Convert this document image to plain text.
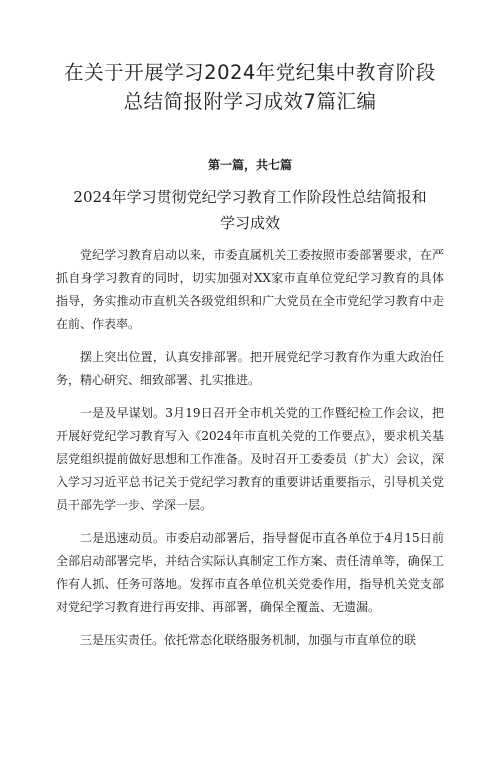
在关于开展学习2024年党纪集中教育阶段
总结简报附学习成效7篇汇编
第一篇，共七篇
2024年学习贯彻党纪学习教育工作阶段性总结简报和
学习成效

党纪学习教育启动以来，市委直属机关工委按照市委部署要求，在严抓自身学习教育的同时，切实加强对XX家市直单位党纪学习教育的具体指导，务实推动市直机关各级党组织和广大党员在全市党纪学习教育中走在前、作表率。

摆上突出位置，认真安排部署。把开展党纪学习教育作为重大政治任务，精心研究、细致部署、扎实推进。

一是及早谋划。3月19日召开全市机关党的工作暨纪检工作会议，把开展好党纪学习教育写入《2024年市直机关党的工作要点》，要求机关基层党组织提前做好思想和工作准备。及时召开工委委员（扩大）会议，深入学习习近平总书记关于党纪学习教育的重要讲话重要指示，引导机关党员干部先学一步、学深一层。

二是迅速动员。市委启动部署后，指导督促市直各单位于4月15日前全部启动部署完毕，并结合实际认真制定工作方案、责任清单等，确保工作有人抓、任务可落地。发挥市直各单位机关党委作用，指导机关党支部对党纪学习教育进行再安排、再部署，确保全覆盖、无遗漏。

三是压实责任。依托常态化联络服务机制，加强与市直单位的联
